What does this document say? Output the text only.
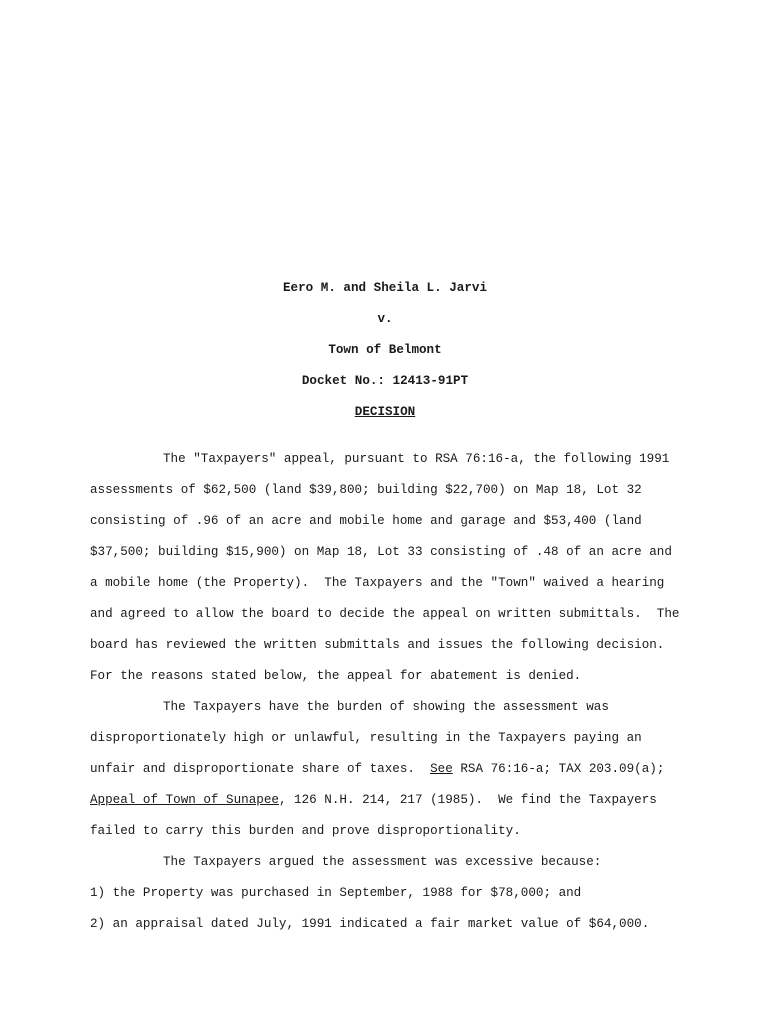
Eero M. and Sheila L. Jarvi
v.
Town of Belmont
Docket No.: 12413-91PT
DECISION
The "Taxpayers" appeal, pursuant to RSA 76:16-a, the following 1991
assessments of $62,500 (land $39,800; building $22,700) on Map 18, Lot 32
consisting of .96 of an acre and mobile home and garage and $53,400 (land
$37,500; building $15,900) on Map 18, Lot 33 consisting of .48 of an acre and
a mobile home (the Property).  The Taxpayers and the "Town" waived a hearing
and agreed to allow the board to decide the appeal on written submittals.  The
board has reviewed the written submittals and issues the following decision.
For the reasons stated below, the appeal for abatement is denied.
The Taxpayers have the burden of showing the assessment was
disproportionately high or unlawful, resulting in the Taxpayers paying an
unfair and disproportionate share of taxes.  See RSA 76:16-a; TAX 203.09(a);
Appeal of Town of Sunapee, 126 N.H. 214, 217 (1985).  We find the Taxpayers
failed to carry this burden and prove disproportionality.
The Taxpayers argued the assessment was excessive because:
1) the Property was purchased in September, 1988 for $78,000; and
2) an appraisal dated July, 1991 indicated a fair market value of $64,000.
